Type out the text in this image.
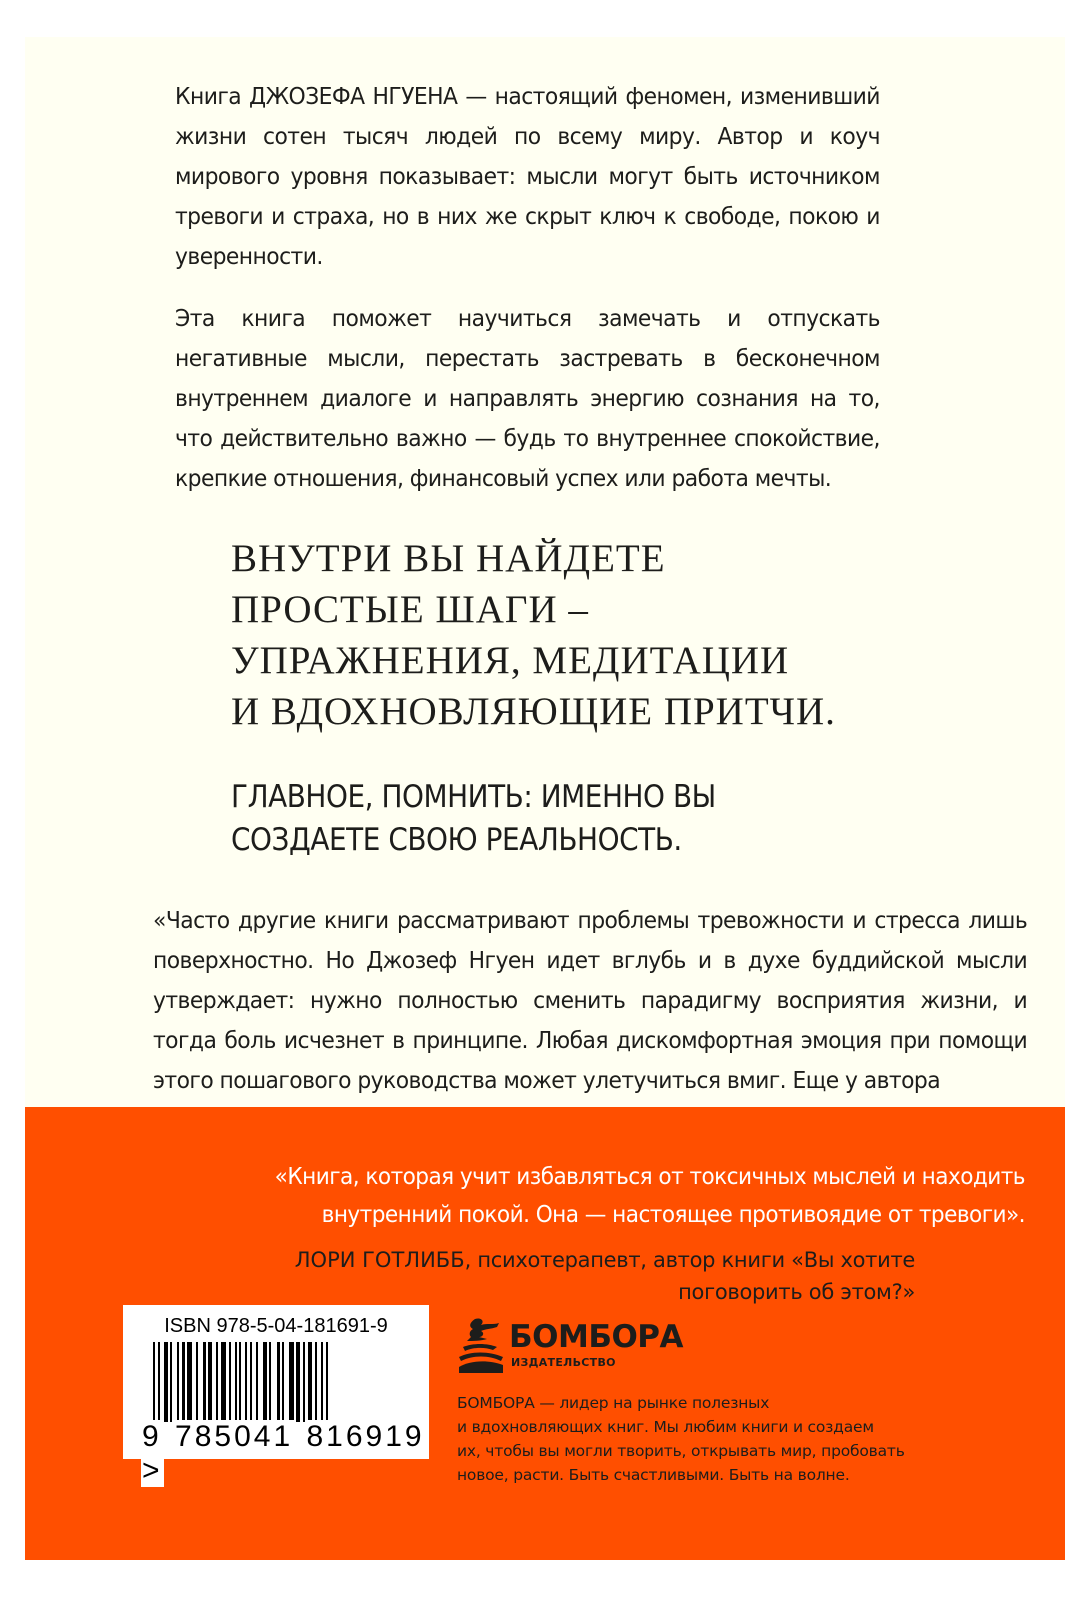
Книга ДЖОЗЕФА НГУЕНА — настоящий феномен, изменивший жизни сотен тысяч людей по всему миру. Автор и коуч мирового уровня показывает: мысли могут быть источником тревоги и страха, но в них же скрыт ключ к свободе, покою и уверенности.

Эта книга поможет научиться замечать и отпускать негативные мысли, перестать застревать в бесконечном внутреннем диалоге и направлять энергию сознания на то, что действительно важно — будь то внутреннее спокойствие, крепкие отношения, финансовый успех или работа мечты.

ВНУТРИ ВЫ НАЙДЕТЕ
ПРОСТЫЕ ШАГИ –
УПРАЖНЕНИЯ, МЕДИТАЦИИ
И ВДОХНОВЛЯЮЩИЕ ПРИТЧИ.
ГЛАВНОЕ, ПОМНИТЬ: ИМЕННО ВЫ
СОЗДАЕТЕ СВОЮ РЕАЛЬНОСТЬ.

«Часто другие книги рассматривают проблемы тревожности и стресса лишь поверхностно. Но Джозеф Нгуен идет вглубь и в духе буддийской мысли утверждает: нужно полностью сменить парадигму восприятия жизни, и тогда боль исчезнет в принципе. Любая дискомфортная эмоция при помощи этого пошагового руководства может улетучиться вмиг. Еще у автора

«Книга, которая учит избавляться от токсичных мыслей и находить
внутренний покой. Она — настоящее противоядие от тревоги».
ЛОРИ ГОТЛИББ, психотерапевт, автор книги «Вы хотите
поговорить об этом?»
ISBN 978-5-04-181691-9
9 785041 816919 >
БОМБОРА
ИЗДАТЕЛЬСТВО
БОМБОРА — лидер на рынке полезных
и вдохновляющих книг. Мы любим книги и создаем
их, чтобы вы могли творить, открывать мир, пробовать
новое, расти. Быть счастливыми. Быть на волне.
